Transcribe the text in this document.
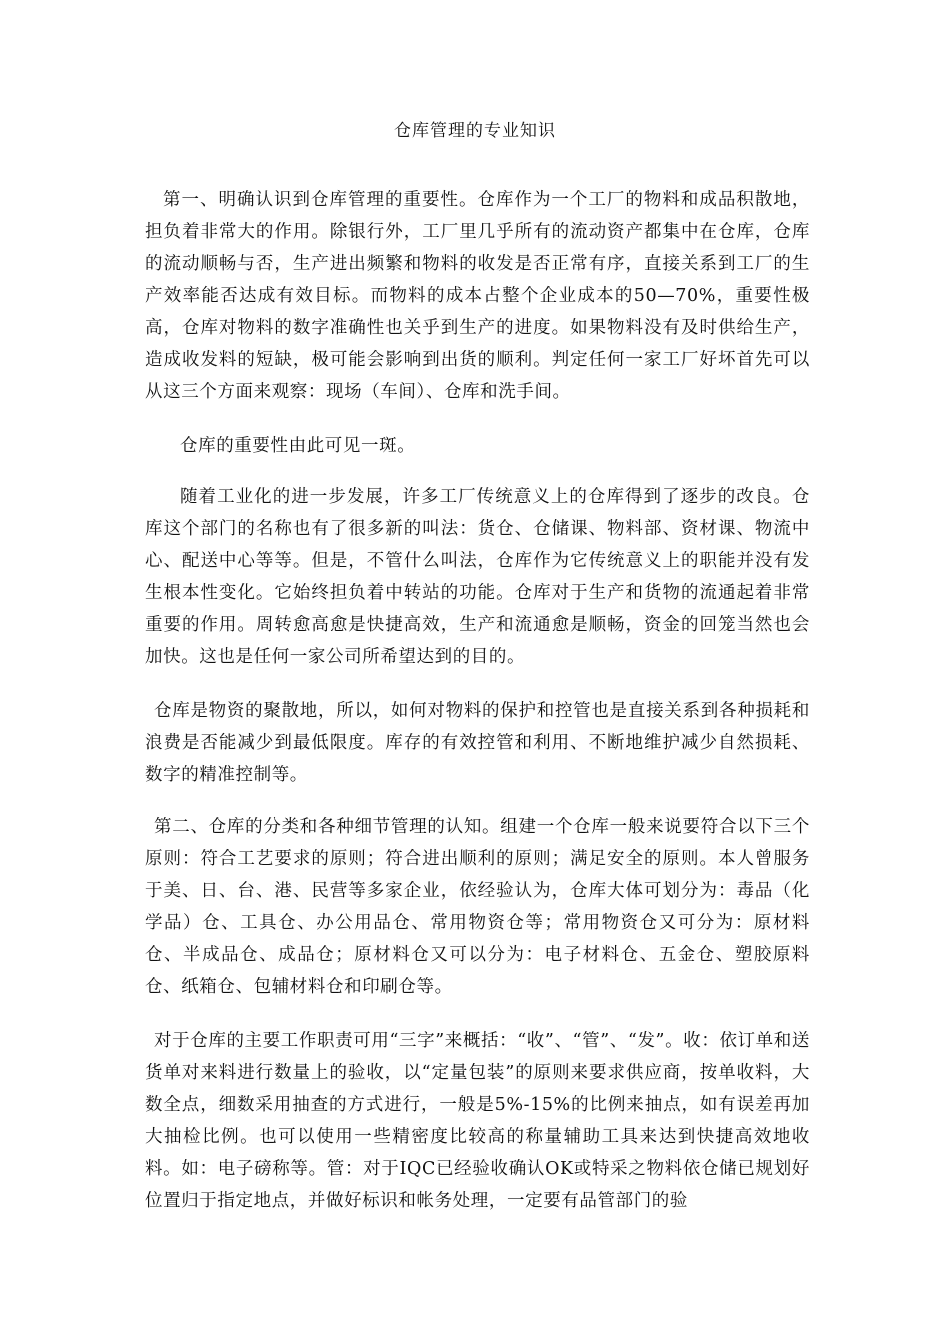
仓库管理的专业知识

第一、明确认识到仓库管理的重要性。仓库作为一个工厂的物料和成品积散地，担负着非常大的作用。除银行外，工厂里几乎所有的流动资产都集中在仓库，仓库的流动顺畅与否，生产进出频繁和物料的收发是否正常有序，直接关系到工厂的生产效率能否达成有效目标。而物料的成本占整个企业成本的50—70%，重要性极高，仓库对物料的数字准确性也关乎到生产的进度。如果物料没有及时供给生产，造成收发料的短缺，极可能会影响到出货的顺利。判定任何一家工厂好坏首先可以从这三个方面来观察：现场（车间）、仓库和洗手间。

仓库的重要性由此可见一斑。

随着工业化的进一步发展，许多工厂传统意义上的仓库得到了逐步的改良。仓库这个部门的名称也有了很多新的叫法：货仓、仓储课、物料部、资材课、物流中心、配送中心等等。但是，不管什么叫法，仓库作为它传统意义上的职能并没有发生根本性变化。它始终担负着中转站的功能。仓库对于生产和货物的流通起着非常重要的作用。周转愈高愈是快捷高效，生产和流通愈是顺畅，资金的回笼当然也会加快。这也是任何一家公司所希望达到的目的。

仓库是物资的聚散地，所以，如何对物料的保护和控管也是直接关系到各种损耗和浪费是否能减少到最低限度。库存的有效控管和利用、不断地维护减少自然损耗、数字的精准控制等。

第二、仓库的分类和各种细节管理的认知。组建一个仓库一般来说要符合以下三个原则：符合工艺要求的原则；符合进出顺利的原则；满足安全的原则。本人曾服务于美、日、台、港、民营等多家企业，依经验认为，仓库大体可划分为：毒品（化学品）仓、工具仓、办公用品仓、常用物资仓等；常用物资仓又可分为：原材料仓、半成品仓、成品仓；原材料仓又可以分为：电子材料仓、五金仓、塑胶原料仓、纸箱仓、包辅材料仓和印刷仓等。

对于仓库的主要工作职责可用“三字”来概括：“收”、“管”、“发”。收：依订单和送货单对来料进行数量上的验收，以“定量包装”的原则来要求供应商，按单收料，大数全点，细数采用抽查的方式进行，一般是5%-15%的比例来抽点，如有误差再加大抽检比例。也可以使用一些精密度比较高的称量辅助工具来达到快捷高效地收料。如：电子磅称等。管：对于IQC已经验收确认OK或特采之物料依仓储已规划好位置归于指定地点，并做好标识和帐务处理，一定要有品管部门的验
